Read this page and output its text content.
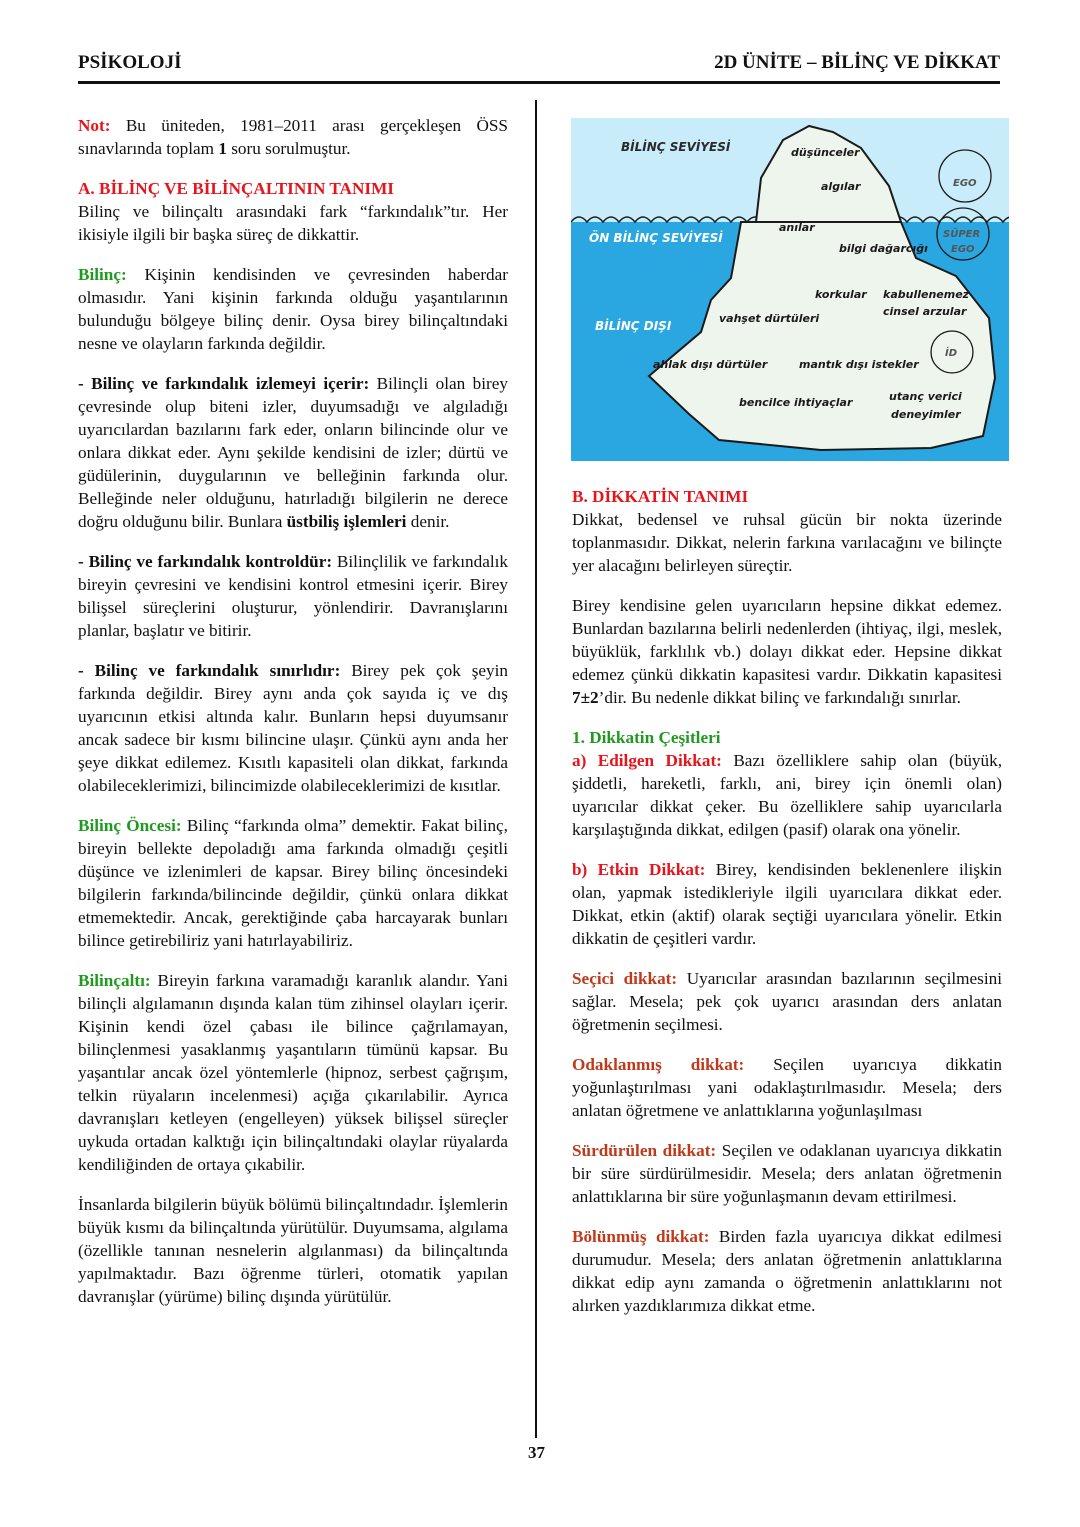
PSİKOLOJİ	2D ÜNİTE – BİLİNÇ VE DİKKAT

Not: Bu üniteden, 1981–2011 arası gerçekleşen ÖSS sınavlarında toplam 1 soru sorulmuştur.

A. BİLİNÇ VE BİLİNÇALTININ TANIMI
Bilinç ve bilinçaltı arasındaki fark “farkındalık”tır. Her ikisiyle ilgili bir başka süreç de dikkattir.

Bilinç: Kişinin kendisinden ve çevresinden haberdar olmasıdır. Yani kişinin farkında olduğu yaşantılarının bulunduğu bölgeye bilinç denir. Oysa birey bilinçaltındaki nesne ve olayların farkında değildir.

- Bilinç ve farkındalık izlemeyi içerir: Bilinçli olan birey çevresinde olup biteni izler, duyumsadığı ve algıladığı uyarıcılardan bazılarını fark eder, onların bilincinde olur ve onlara dikkat eder. Aynı şekilde kendisini de izler; dürtü ve güdülerinin, duygularının ve belleğinin farkında olur. Belleğinde neler olduğunu, hatırladığı bilgilerin ne derece doğru olduğunu bilir. Bunlara üstbiliş işlemleri denir.

- Bilinç ve farkındalık kontroldür: Bilinçlilik ve farkındalık bireyin çevresini ve kendisini kontrol etmesini içerir. Birey bilişsel süreçlerini oluşturur, yönlendirir. Davranışlarını planlar, başlatır ve bitirir.

- Bilinç ve farkındalık sınırlıdır: Birey pek çok şeyin farkında değildir. Birey aynı anda çok sayıda iç ve dış uyarıcının etkisi altında kalır. Bunların hepsi duyumsanır ancak sadece bir kısmı bilincine ulaşır. Çünkü aynı anda her şeye dikkat edilemez. Kısıtlı kapasiteli olan dikkat, farkında olabileceklerimizi, bilincimizde olabileceklerimizi de kısıtlar.

Bilinç Öncesi: Bilinç “farkında olma” demektir. Fakat bilinç, bireyin bellekte depoladığı ama farkında olmadığı çeşitli düşünce ve izlenimleri de kapsar. Birey bilinç öncesindeki bilgilerin farkında/bilincinde değildir, çünkü onlara dikkat etmemektedir. Ancak, gerektiğinde çaba harcayarak bunları bilince getirebiliriz yani hatırlayabiliriz.

Bilinçaltı: Bireyin farkına varamadığı karanlık alandır. Yani bilinçli algılamanın dışında kalan tüm zihinsel olayları içerir. Kişinin kendi özel çabası ile bilince çağrılamayan, bilinçlenmesi yasaklanmış yaşantıların tümünü kapsar. Bu yaşantılar ancak özel yöntemlerle (hipnoz, serbest çağrışım, telkin rüyaların incelenmesi) açığa çıkarılabilir. Ayrıca davranışları ketleyen (engelleyen) yüksek bilişsel süreçler uykuda ortadan kalktığı için bilinçaltındaki olaylar rüyalarda kendiliğinden de ortaya çıkabilir.

İnsanlarda bilgilerin büyük bölümü bilinçaltındadır. İşlemlerin büyük kısmı da bilinçaltında yürütülür. Duyumsama, algılama (özellikle tanınan nesnelerin algılanması) da bilinçaltında yapılmaktadır. Bazı öğrenme türleri, otomatik yapılan davranışlar (yürüme) bilinç dışında yürütülür.

BİLİNÇ SEVİYESİ
ÖN BİLİNÇ SEVİYESİ
BİLİNÇ DIŞI
düşünceler
algılar
anılar
bilgi dağarcığı
EGO
SÜPER
EGO
korkular kabullenemez
cinsel arzular
vahşet dürtüleri
İD
ahlak dışı dürtüler	mantık dışı istekler
bencilce ihtiyaçlar	utanç verici
deneyimler

B. DİKKATİN TANIMI
Dikkat, bedensel ve ruhsal gücün bir nokta üzerinde toplanmasıdır. Dikkat, nelerin farkına varılacağını ve bilinçte yer alacağını belirleyen süreçtir.

Birey kendisine gelen uyarıcıların hepsine dikkat edemez. Bunlardan bazılarına belirli nedenlerden (ihtiyaç, ilgi, meslek, büyüklük, farklılık vb.) dolayı dikkat eder. Hepsine dikkat edemez çünkü dikkatin kapasitesi vardır. Dikkatin kapasitesi 7±2’dir. Bu nedenle dikkat bilinç ve farkındalığı sınırlar.

1. Dikkatin Çeşitleri
a) Edilgen Dikkat: Bazı özelliklere sahip olan (büyük, şiddetli, hareketli, farklı, ani, birey için önemli olan) uyarıcılar dikkat çeker. Bu özelliklere sahip uyarıcılarla karşılaştığında dikkat, edilgen (pasif) olarak ona yönelir.

b) Etkin Dikkat: Birey, kendisinden beklenenlere ilişkin olan, yapmak istedikleriyle ilgili uyarıcılara dikkat eder. Dikkat, etkin (aktif) olarak seçtiği uyarıcılara yönelir. Etkin dikkatin de çeşitleri vardır.

Seçici dikkat: Uyarıcılar arasından bazılarının seçilmesini sağlar. Mesela; pek çok uyarıcı arasından ders anlatan öğretmenin seçilmesi.

Odaklanmış dikkat: Seçilen uyarıcıya dikkatin yoğunlaştırılması yani odaklaştırılmasıdır. Mesela; ders anlatan öğretmene ve anlattıklarına yoğunlaşılması

Sürdürülen dikkat: Seçilen ve odaklanan uyarıcıya dikkatin bir süre sürdürülmesidir. Mesela; ders anlatan öğretmenin anlattıklarına bir süre yoğunlaşmanın devam ettirilmesi.

Bölünmüş dikkat: Birden fazla uyarıcıya dikkat edilmesi durumudur. Mesela; ders anlatan öğretmenin anlattıklarına dikkat edip aynı zamanda o öğretmenin anlattıklarını not alırken yazdıklarımıza dikkat etme.

37
